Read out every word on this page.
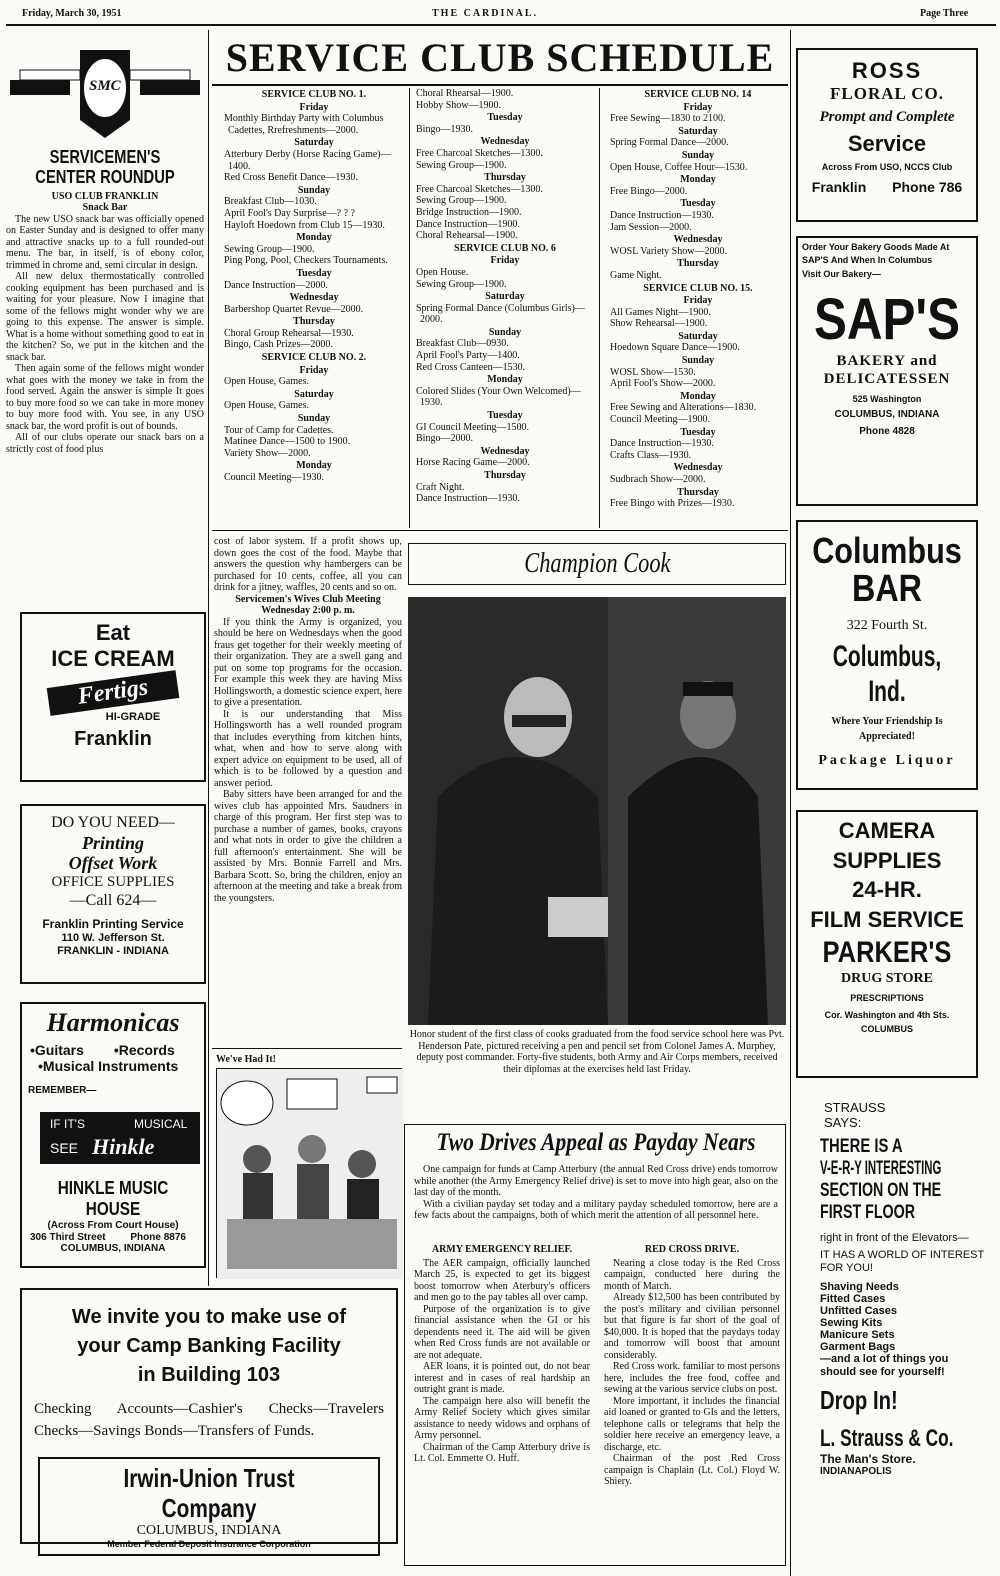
Friday, March 30, 1951	THE CARDINAL.	Page Three
SMC
SERVICEMEN'S CENTER ROUNDUP
USO CLUB FRANKLIN
Snack Bar

The new USO snack bar was officially opened on Easter Sunday and is designed to offer many and attractive snacks up to a full rounded-out menu. The bar, in itself, is of ebony color, trimmed in chrome and, semi circular in design.

All new delux thermostatically controlled cooking equipment has been purchased and is waiting for your pleasure. Now I imagine that some of the fellows might wonder why we are going to this expense. The answer is simple. What is a home without something good to eat in the kitchen? So, we put in the kitchen and the snack bar.

Then again some of the fellows might wonder what goes with the money we take in from the food served. Again the answer is simple It goes to buy more food so we can take in more money to buy more food with. You see, in any USO snack bar, the word profit is out of bounds.

All of our clubs operate our snack bars on a strictly cost of food plus

Eat
ICE CREAM
Fertigs
HI-GRADE
Franklin
DO YOU NEED—
Printing
Offset Work
OFFICE SUPPLIES
—Call 624—
Franklin Printing Service
110 W. Jefferson St.
FRANKLIN - INDIANA
Harmonicas
•Guitars •Records
•Musical Instruments
REMEMBER—
IF IT'S	MUSICAL
SEE Hinkle
HINKLE MUSIC HOUSE
(Across From Court House)
306 Third Street Phone 8876
COLUMBUS, INDIANA
We invite you to make use of
your Camp Banking Facility
in Building 103
Checking Accounts—Cashier's Checks—Travelers Checks—Savings Bonds—Transfers of Funds.
Irwin-Union Trust Company
COLUMBUS, INDIANA
Member Federal Deposit Insurance Corporation
SERVICE CLUB SCHEDULE
SERVICE CLUB NO. 1.
Friday
Monthly Birthday Party with Columbus Cadettes, Rrefreshments—2000.
Saturday
Atterbury Derby (Horse Racing Game)—1400.
Red Cross Benefit Dance—1930.
Sunday
Breakfast Club—1030.
April Fool's Day Surprise—? ? ?
Hayloft Hoedown from Club 15—1930.
Monday
Sewing Group—1900.
Ping Pong, Pool, Checkers Tournaments.
Tuesday
Dance Instruction—2000.
Wednesday
Barbershop Quartet Revue—2000.
Thursday
Choral Group Rehearsal—1930.
Bingo, Cash Prizes—2000.
SERVICE CLUB NO. 2.
Friday
Open House, Games.
Saturday
Open House, Games.
Sunday
Tour of Camp for Cadettes.
Matinee Dance—1500 to 1900.
Variety Show—2000.
Monday
Council Meeting—1930.
Choral Rhearsal—1900.
Hobby Show—1900.
Tuesday
Bingo—1930.
Wednesday
Free Charcoal Sketches—1300.
Sewing Group—1900.
Thursday
Free Charcoal Sketches—1300.
Sewing Group—1900.
Bridge Instruction—1900.
Dance Instruction—1900.
Choral Rehearsal—1900.
SERVICE CLUB NO. 6
Friday
Open House.
Sewing Group—1900.
Saturday
Spring Formal Dance (Columbus Girls)—2000.
Sunday
Breakfast Club—0930.
April Fool's Party—1400.
Red Cross Canteen—1530.
Monday
Colored Slides (Your Own Welcomed)—1930.
Tuesday
GI Council Meeting—1500.
Bingo—2000.
Wednesday
Horse Racing Game—2000.
Thursday
Craft Night.
Dance Instruction—1930.
SERVICE CLUB NO. 14
Friday
Free Sewing—1830 to 2100.
Saturday
Spring Formal Dance—2000.
Sunday
Open House, Coffee Hour—1530.
Monday
Free Bingo—2000.
Tuesday
Dance Instruction—1930.
Jam Session—2000.
Wednesday
WOSL Variety Show—2000.
Thursday
Game Night.
SERVICE CLUB NO. 15.
Friday
All Games Night—1900.
Show Rehearsal—1900.
Saturday
Hoedown Square Dance—1900.
Sunday
WOSL Show—1530.
April Fool's Show—2000.
Monday
Free Sewing and Alterations—1830.
Council Meeting—1900.
Tuesday
Dance Instruction—1930.
Crafts Class—1930.
Wednesday
Sudbrach Show—2000.
Thursday
Free Bingo with Prizes—1930.

cost of labor system. If a profit shows up, down goes the cost of the food. Maybe that answers the question why hambergers can be purchased for 10 cents, coffee, all you can drink for a jitney, waffles, 20 cents and so on.

Servicemen's Wives Club Meeting
Wednesday 2:00 p. m.

If you think the Army is organized, you should be here on Wednesdays when the good fraus get together for their weekly meeting of their organization. They are a swell gang and put on some top programs for the occasion. For example this week they are having Miss Hollingsworth, a domestic science expert, here to give a presentation.

It is our understanding that Miss Hollingsworth has a well rounded program that includes everything from kitchen hints, what, when and how to serve along with expert advice on equipment to be used, all of which is to be followed by a question and answer period.

Baby sitters have been arranged for and the wives club has appointed Mrs. Saudners in charge of this program. Her first step was to purchase a number of games, books, crayons and what nots in order to give the children a full afternoon's entertainment. She will be assisted by Mrs. Bonnie Farrell and Mrs. Barbara Scott. So, bring the children, enjoy an afternoon at the meeting and take a break from the youngsters.

We've Had It!
Champion Cook
Honor student of the first class of cooks graduated from the food service school here was Pvt. Henderson Pate, pictured receiving a pen and pencil set from Colonel James A. Murphey, deputy post commander. Forty-five students, both Army and Air Corps members, received their diplomas at the exercises held last Friday.
Two Drives Appeal as Payday Nears

One campaign for funds at Camp Atterbury (the annual Red Cross drive) ends tomorrow while another (the Army Emergency Relief drive) is set to move into high gear, also on the last day of the month.

With a civilian payday set today and a military payday scheduled tomorrow, here are a few facts about the campaigns, both of which merit the attention of all personnel here.

ARMY EMERGENCY RELIEF.

The AER campaign, officially launched March 25, is expected to get its biggest boost tomorrow when Aterbury's officers and men go to the pay tables all over camp.

Purpose of the organization is to give financial assistance when the GI or his dependents need it. The aid will be given when Red Cross funds are not available or are not adequate.

AER loans, it is pointed out, do not bear interest and in cases of real hardship an outright grant is made.

The campaign here also will benefit the Army Relief Society which gives similar assistance to needy widows and orphans of Army personnel.

Chairman of the Camp Atterbury drive is Lt. Col. Emmette O. Huff.

RED CROSS DRIVE.

Nearing a close today is the Red Cross campaign, conducted here during the month of March.

Already $12,500 has been contributed by the post's military and civilian personnel but that figure is far short of the goal of $40,000. It is hoped that the paydays today and tomorrow will boost that amount considerably.

Red Cross work. familiar to most persons here, includes the free food, coffee and sewing at the various service clubs on post.

More important, it includes the financial aid loaned or granted to GIs and the letters, telephone calls or telegrams that help the soldier here receive an emergency leave, a discharge, etc.

Chairman of the post Red Cross campaign is Chaplain (Lt. Col.) Floyd W. Shiery.

ROSS
FLORAL CO.
Prompt and Complete
Service
Across From USO, NCCS Club
Franklin Phone 786
Order Your Bakery Goods Made At
SAP'S And When In Columbus
Visit Our Bakery—
SAP'S
BAKERY and
DELICATESSEN
525 Washington
COLUMBUS, INDIANA
Phone 4828
Columbus
BAR
322 Fourth St.
Columbus, Ind.
Where Your Friendship Is
Appreciated!
Package Liquor
CAMERA
SUPPLIES
24-HR.
FILM SERVICE
PARKER'S
DRUG STORE
PRESCRIPTIONS
Cor. Washington and 4th Sts.
COLUMBUS
STRAUSS
SAYS:
THERE IS A
V-E-R-Y INTERESTING
SECTION ON THE
FIRST FLOOR
right in front of the Elevators—
IT HAS A WORLD OF INTEREST FOR YOU!
Shaving Needs
Fitted Cases
Unfitted Cases
Sewing Kits
Manicure Sets
Garment Bags
—and a lot of things you should see for yourself!
Drop In!
L. Strauss & Co.
The Man's Store.
INDIANAPOLIS
